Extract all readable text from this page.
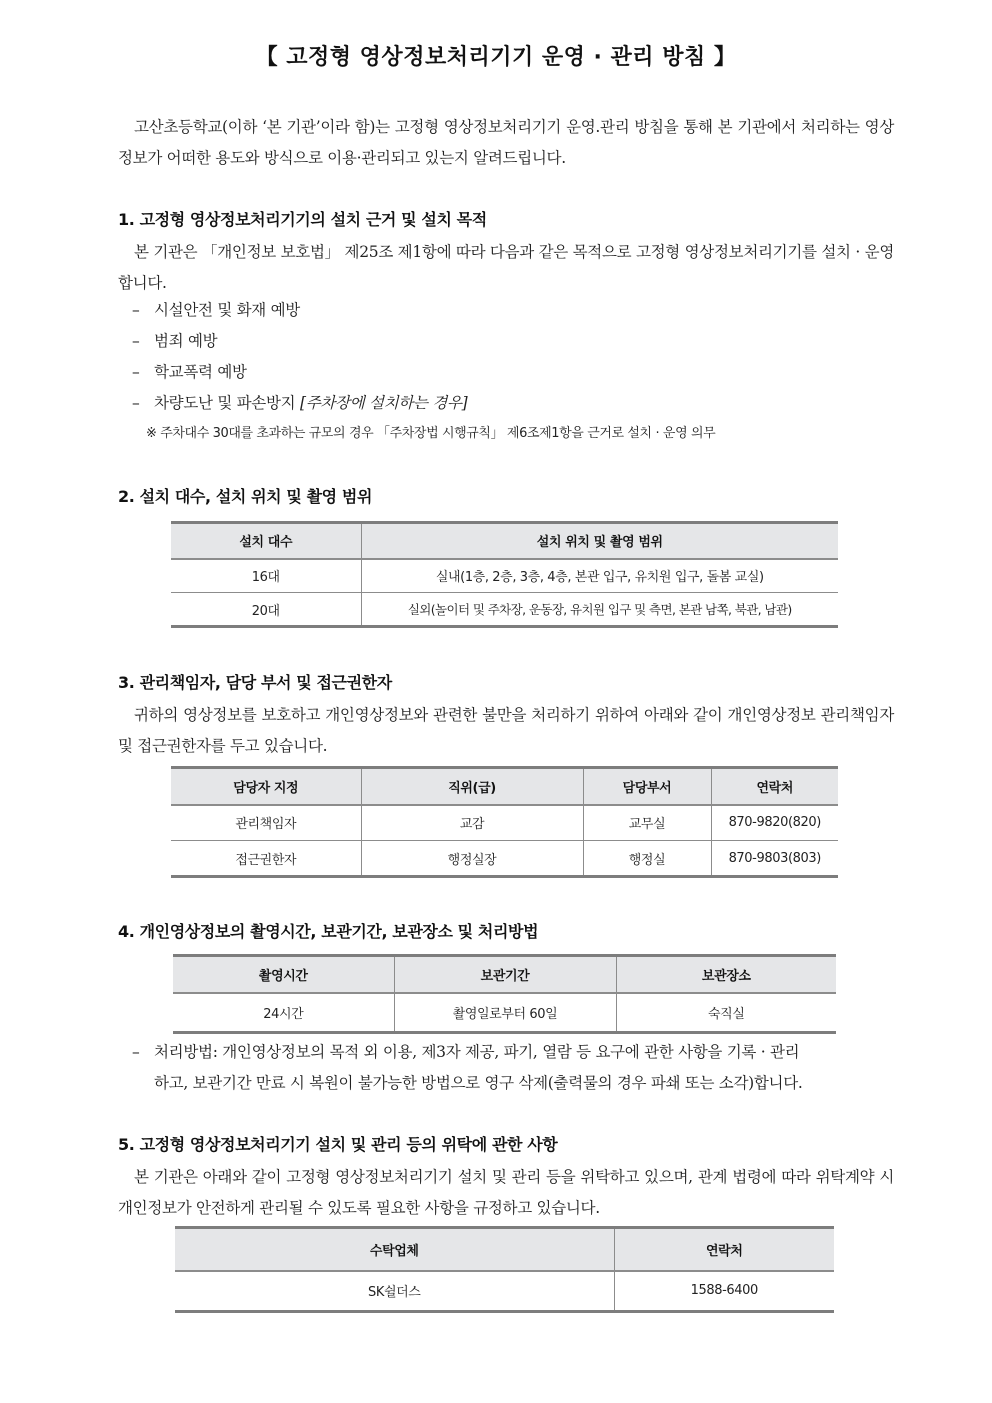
【 고정형 영상정보처리기기 운영 · 관리 방침 】
고산초등학교(이하 ‘본 기관’이라 함)는 고정형 영상정보처리기기 운영.관리 방침을 통해 본 기관에서 처리하는 영상정보가 어떠한 용도와 방식으로 이용·관리되고 있는지 알려드립니다.
1. 고정형 영상정보처리기기의 설치 근거 및 설치 목적
본 기관은 「개인정보 보호법」 제25조 제1항에 따라 다음과 같은 목적으로 고정형 영상정보처리기기를 설치 · 운영 합니다.
– 시설안전 및 화재 예방
– 범죄 예방
– 학교폭력 예방
– 차량도난 및 파손방지 [주차장에 설치하는 경우]
※ 주차대수 30대를 초과하는 규모의 경우 「주차장법 시행규칙」 제6조제1항을 근거로 설치 · 운영 의무
2. 설치 대수, 설치 위치 및 촬영 범위
설치 대수	설치 위치 및 촬영 범위
16대	실내(1층, 2층, 3층, 4층, 본관 입구, 유치원 입구, 돌봄 교실)
20대	실외(놀이터 및 주차장, 운동장, 유치원 입구 및 측면, 본관 남쪽, 북관, 남관)
3. 관리책임자, 담당 부서 및 접근권한자
귀하의 영상정보를 보호하고 개인영상정보와 관련한 불만을 처리하기 위하여 아래와 같이 개인영상정보 관리책임자 및 접근권한자를 두고 있습니다.
담당자 지정	직위(급)	담당부서	연락처
관리책임자	교감	교무실	870-9820(820)
접근권한자	행정실장	행정실	870-9803(803)
4. 개인영상정보의 촬영시간, 보관기간, 보관장소 및 처리방법
촬영시간	보관기간	보관장소
24시간	촬영일로부터 60일	숙직실
– 처리방법: 개인영상정보의 목적 외 이용, 제3자 제공, 파기, 열람 등 요구에 관한 사항을 기록 · 관리
하고, 보관기간 만료 시 복원이 불가능한 방법으로 영구 삭제(출력물의 경우 파쇄 또는 소각)합니다.
5. 고정형 영상정보처리기기 설치 및 관리 등의 위탁에 관한 사항
본 기관은 아래와 같이 고정형 영상정보처리기기 설치 및 관리 등을 위탁하고 있으며, 관계 법령에 따라 위탁계약 시 개인정보가 안전하게 관리될 수 있도록 필요한 사항을 규정하고 있습니다.
수탁업체	연락처
SK쉴더스	1588-6400
